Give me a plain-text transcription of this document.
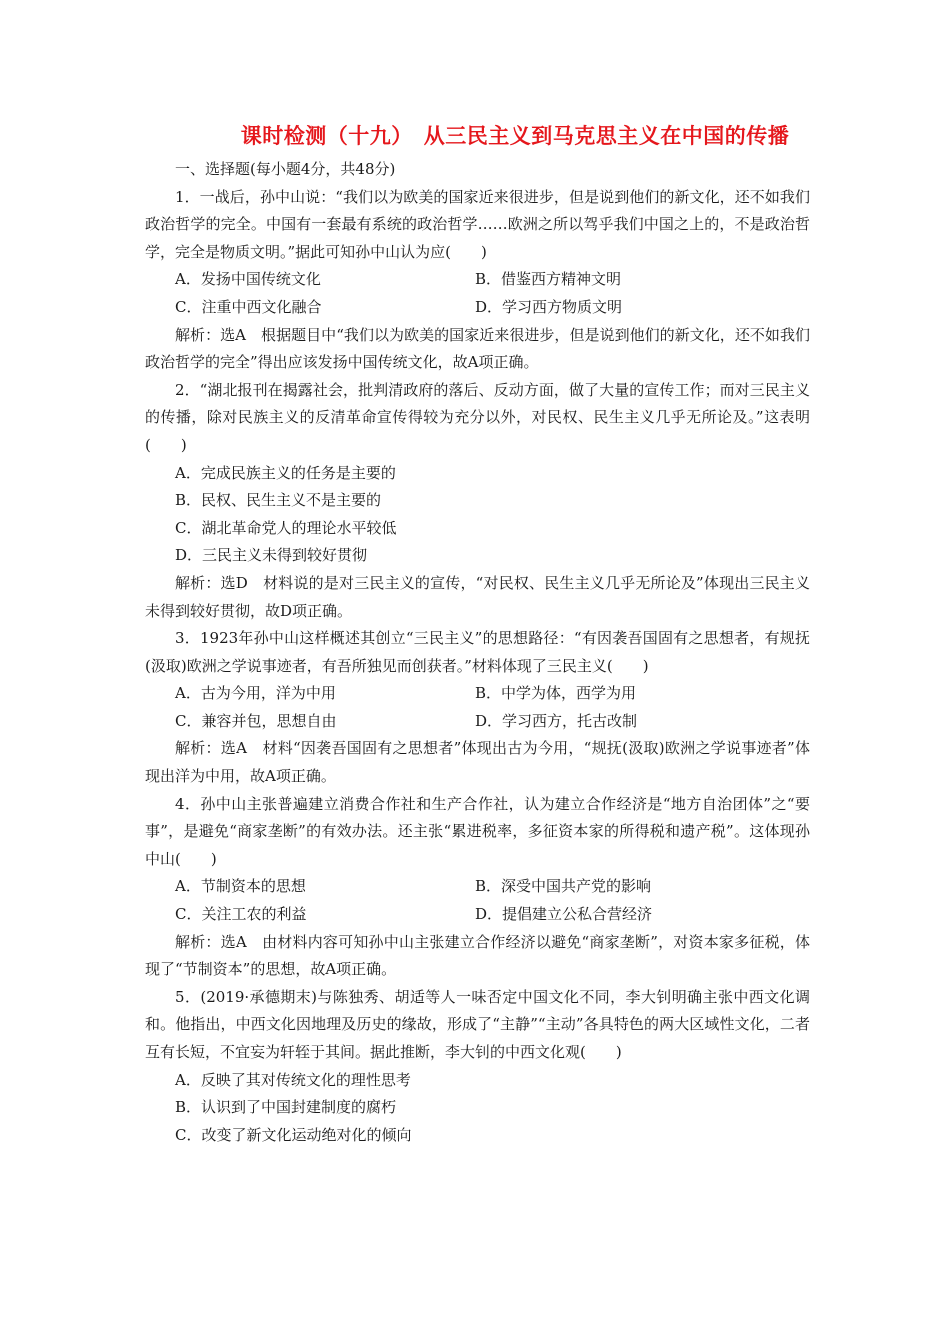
课时检测（十九）　从三民主义到马克思主义在中国的传播

一、选择题(每小题4分，共48分)

1．一战后，孙中山说：“我们以为欧美的国家近来很进步，但是说到他们的新文化，还不如我们政治哲学的完全。中国有一套最有系统的政治哲学……欧洲之所以驾乎我们中国之上的，不是政治哲学，完全是物质文明。”据此可知孙中山认为应(　　)

A．发扬中国传统文化	B．借鉴西方精神文明
C．注重中西文化融合	D．学习西方物质文明

解析：选A　根据题目中“我们以为欧美的国家近来很进步，但是说到他们的新文化，还不如我们政治哲学的完全”得出应该发扬中国传统文化，故A项正确。

2．“湖北报刊在揭露社会，批判清政府的落后、反动方面，做了大量的宣传工作；而对三民主义的传播，除对民族主义的反清革命宣传得较为充分以外，对民权、民生主义几乎无所论及。”这表明(　　)

A．完成民族主义的任务是主要的

B．民权、民生主义不是主要的

C．湖北革命党人的理论水平较低

D．三民主义未得到较好贯彻

解析：选D　材料说的是对三民主义的宣传，“对民权、民生主义几乎无所论及”体现出三民主义未得到较好贯彻，故D项正确。

3．1923年孙中山这样概述其创立“三民主义”的思想路径：“有因袭吾国固有之思想者，有规抚(汲取)欧洲之学说事迹者，有吾所独见而创获者。”材料体现了三民主义(　　)

A．古为今用，洋为中用	B．中学为体，西学为用
C．兼容并包，思想自由	D．学习西方，托古改制

解析：选A　材料“因袭吾国固有之思想者”体现出古为今用，“规抚(汲取)欧洲之学说事迹者”体现出洋为中用，故A项正确。

4．孙中山主张普遍建立消费合作社和生产合作社，认为建立合作经济是“地方自治团体”之“要事”，是避免“商家垄断”的有效办法。还主张“累进税率，多征资本家的所得税和遗产税”。这体现孙中山(　　)

A．节制资本的思想	B．深受中国共产党的影响
C．关注工农的利益	D．提倡建立公私合营经济

解析：选A　由材料内容可知孙中山主张建立合作经济以避免“商家垄断”，对资本家多征税，体现了“节制资本”的思想，故A项正确。

5．(2019·承德期末)与陈独秀、胡适等人一味否定中国文化不同，李大钊明确主张中西文化调和。他指出，中西文化因地理及历史的缘故，形成了“主静”“主动”各具特色的两大区域性文化，二者互有长短，不宜妄为轩轾于其间。据此推断，李大钊的中西文化观(　　)

A．反映了其对传统文化的理性思考

B．认识到了中国封建制度的腐朽

C．改变了新文化运动绝对化的倾向
